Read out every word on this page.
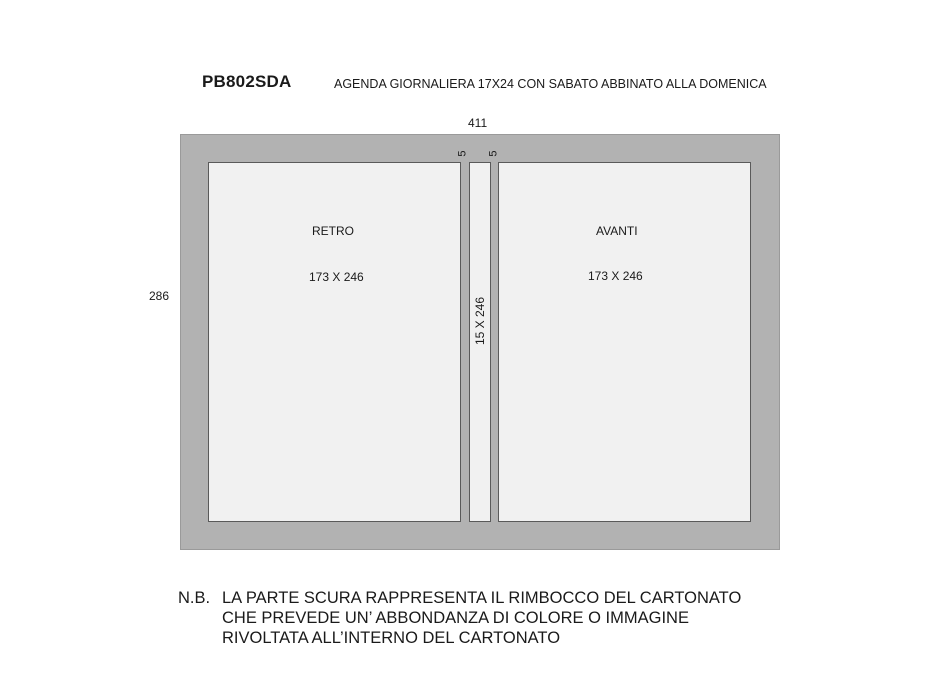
PB802SDA	AGENDA GIORNALIERA 17X24 CON SABATO ABBINATO ALLA DOMENICA
411
286
RETRO
173 X 246
AVANTI
173 X 246
15 X 246
5 5
N.B. LA PARTE SCURA RAPPRESENTA IL RIMBOCCO DEL CARTONATO
CHE PREVEDE UN’ ABBONDANZA DI COLORE O IMMAGINE
RIVOLTATA ALL’INTERNO DEL CARTONATO
